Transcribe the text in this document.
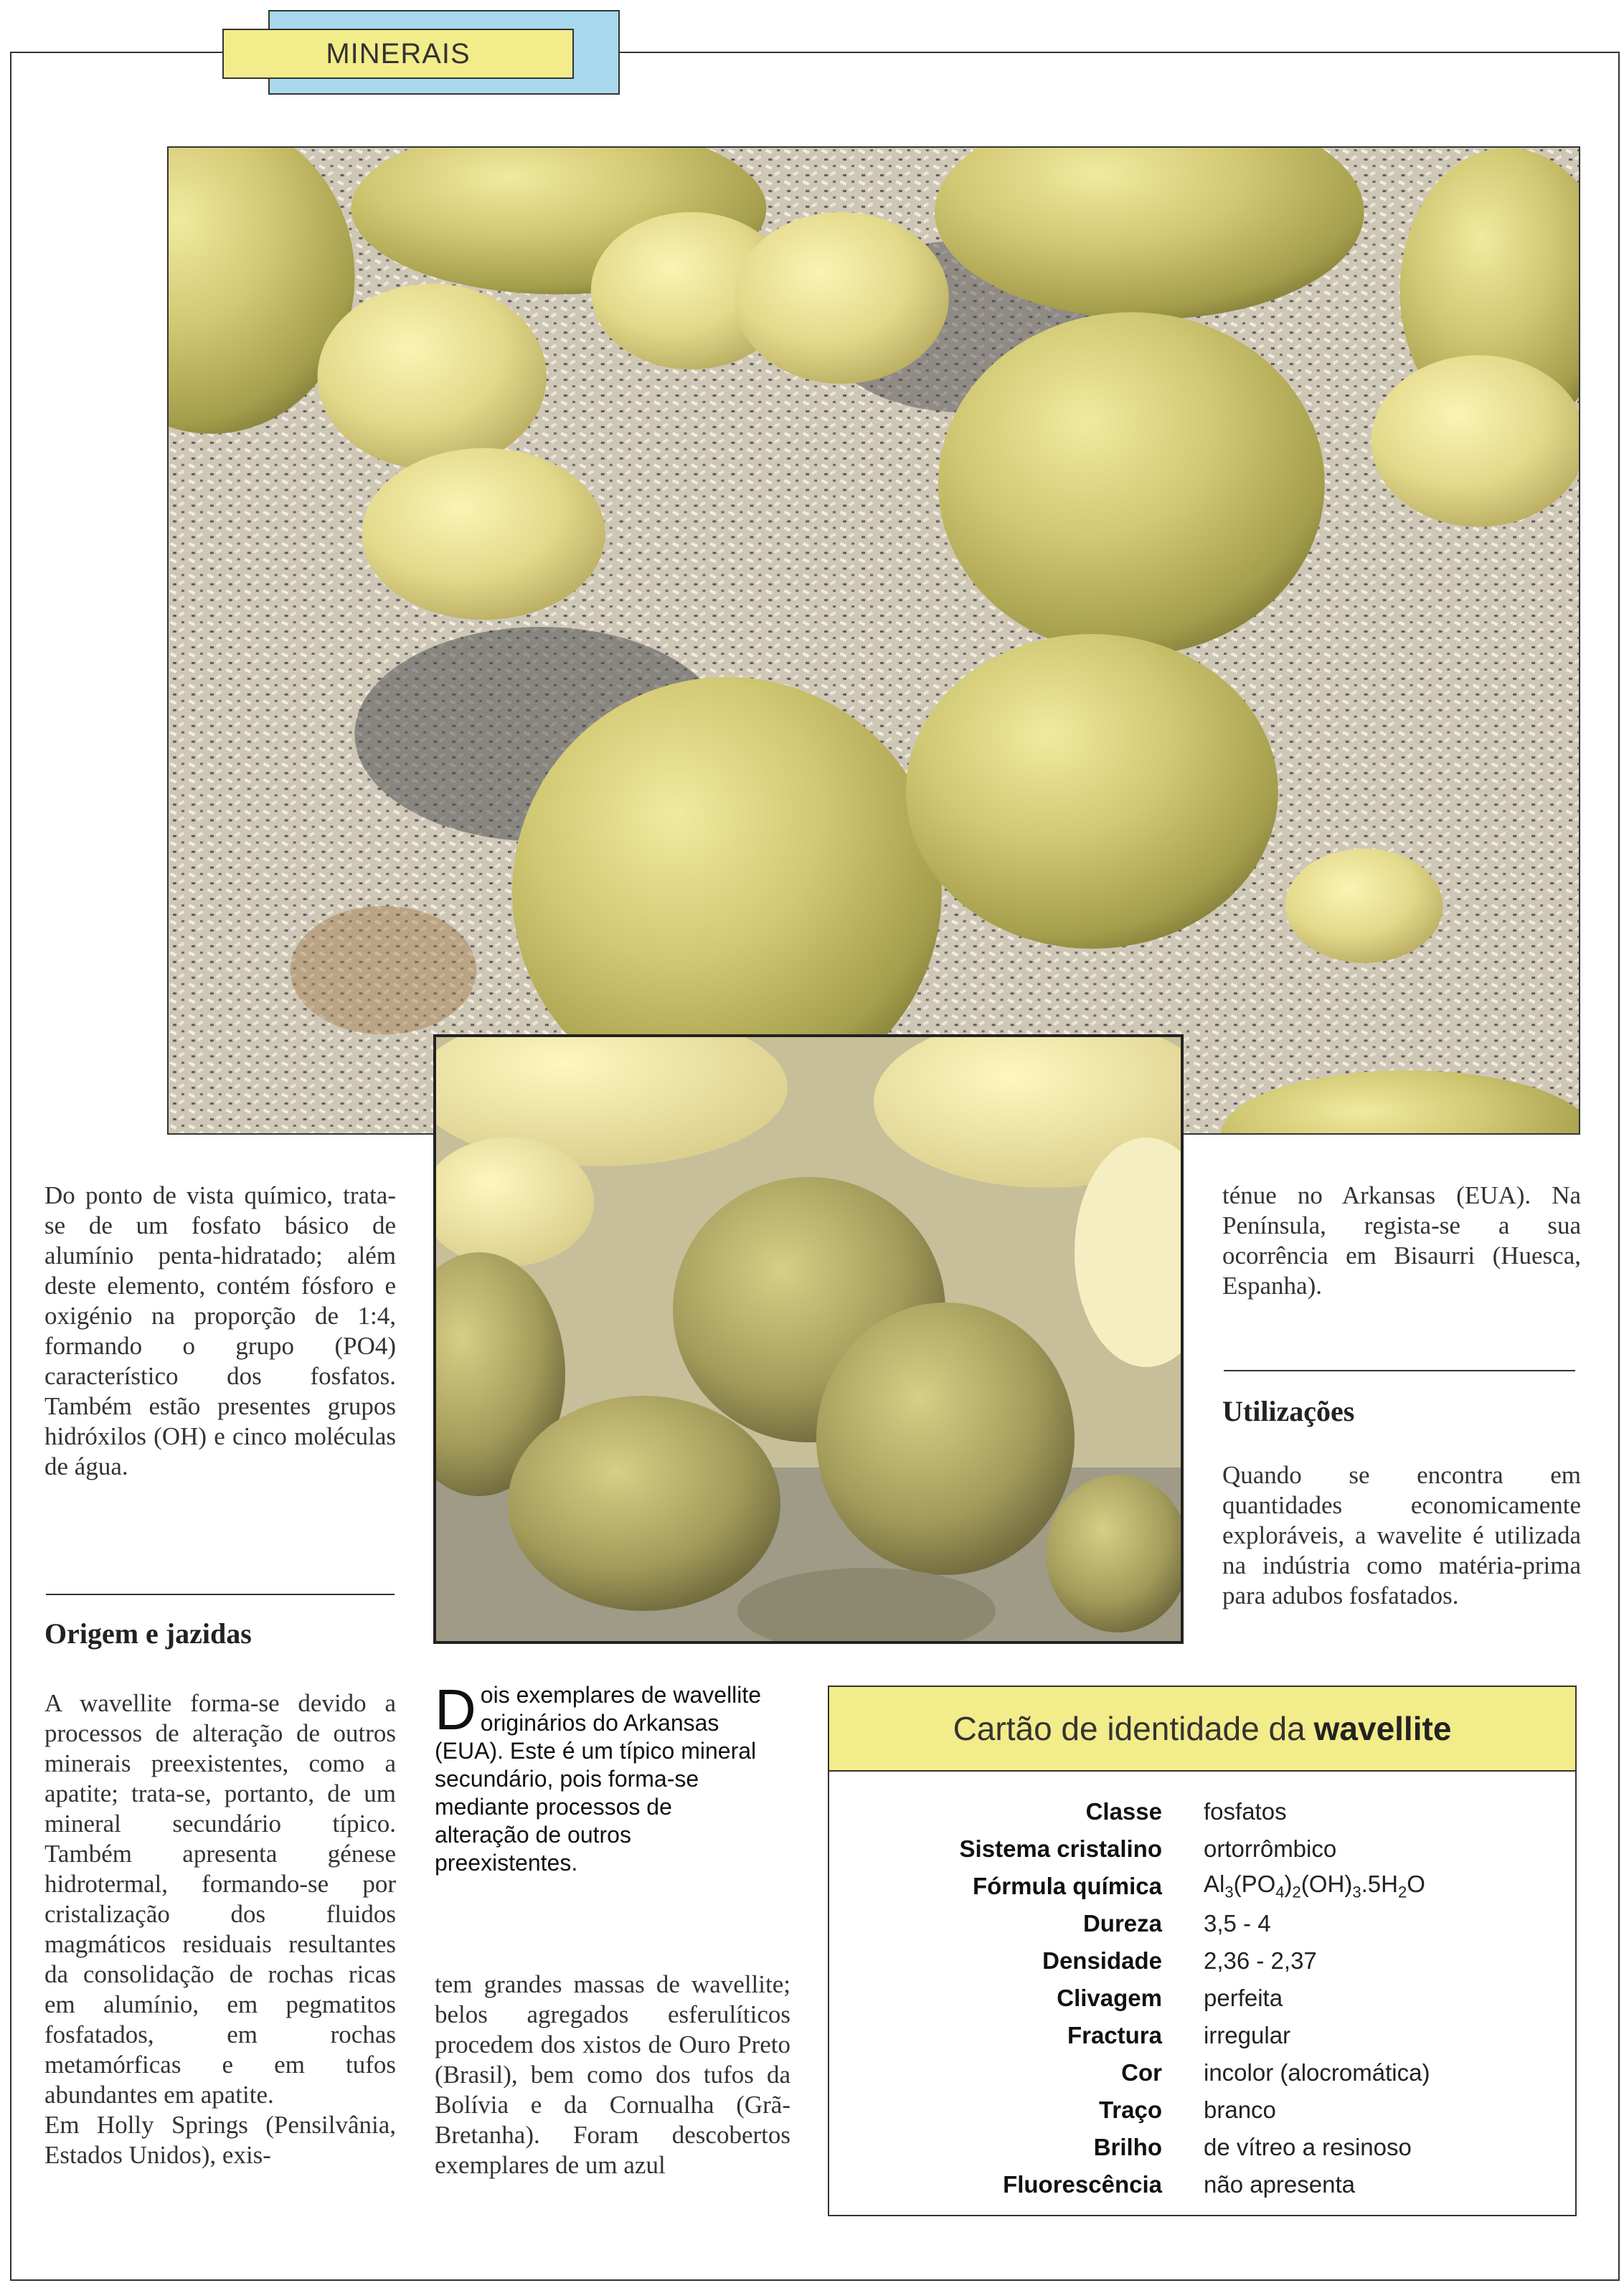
MINERAIS

Do ponto de vista químico, trata-se de um fosfato básico de alumínio penta-hidratado; além deste elemento, contém fósforo e oxigénio na proporção de 1:4, formando o grupo (PO4) característico dos fosfatos. Também estão presentes grupos hidróxilos (OH) e cinco moléculas de água.

Origem e jazidas

A wavellite forma-se devido a processos de alteração de outros minerais preexistentes, como a apatite; trata-se, portanto, de um mineral secundário típico. Também apresenta génese hidrotermal, formando-se por cristalização dos fluidos magmáticos residuais resultantes da consolidação de rochas ricas em alumínio, em pegmatitos fosfatados, em rochas metamórficas e em tufos abundantes em apatite.

Em Holly Springs (Pensilvânia, Estados Unidos), exis-

Dois exemplares de wavellite originários do Arkansas (EUA). Este é um típico mineral secundário, pois forma-se mediante processos de alteração de outros preexistentes.

tem grandes massas de wavellite; belos agregados esferulíticos procedem dos xistos de Ouro Preto (Brasil), bem como dos tufos da Bolívia e da Cornualha (Grã-Bretanha). Foram descobertos exemplares de um azul

ténue no Arkansas (EUA). Na Península, regista-se a sua ocorrência em Bisaurri (Huesca, Espanha).

Utilizações

Quando se encontra em quantidades economicamente exploráveis, a wavelite é utilizada na indústria como matéria-prima para adubos fosfatados.

Cartão de identidade da wavellite
Classe fosfatos
Sistema cristalino ortorrômbico
Fórmula química $Al_3(PO_4)_2(OH)_3.5H_2O$
Dureza 3,5 - 4
Densidade 2,36 - 2,37
Clivagem perfeita
Fractura irregular
Cor incolor (alocromática)
Traço branco
Brilho de vítreo a resinoso
Fluorescência não apresenta
